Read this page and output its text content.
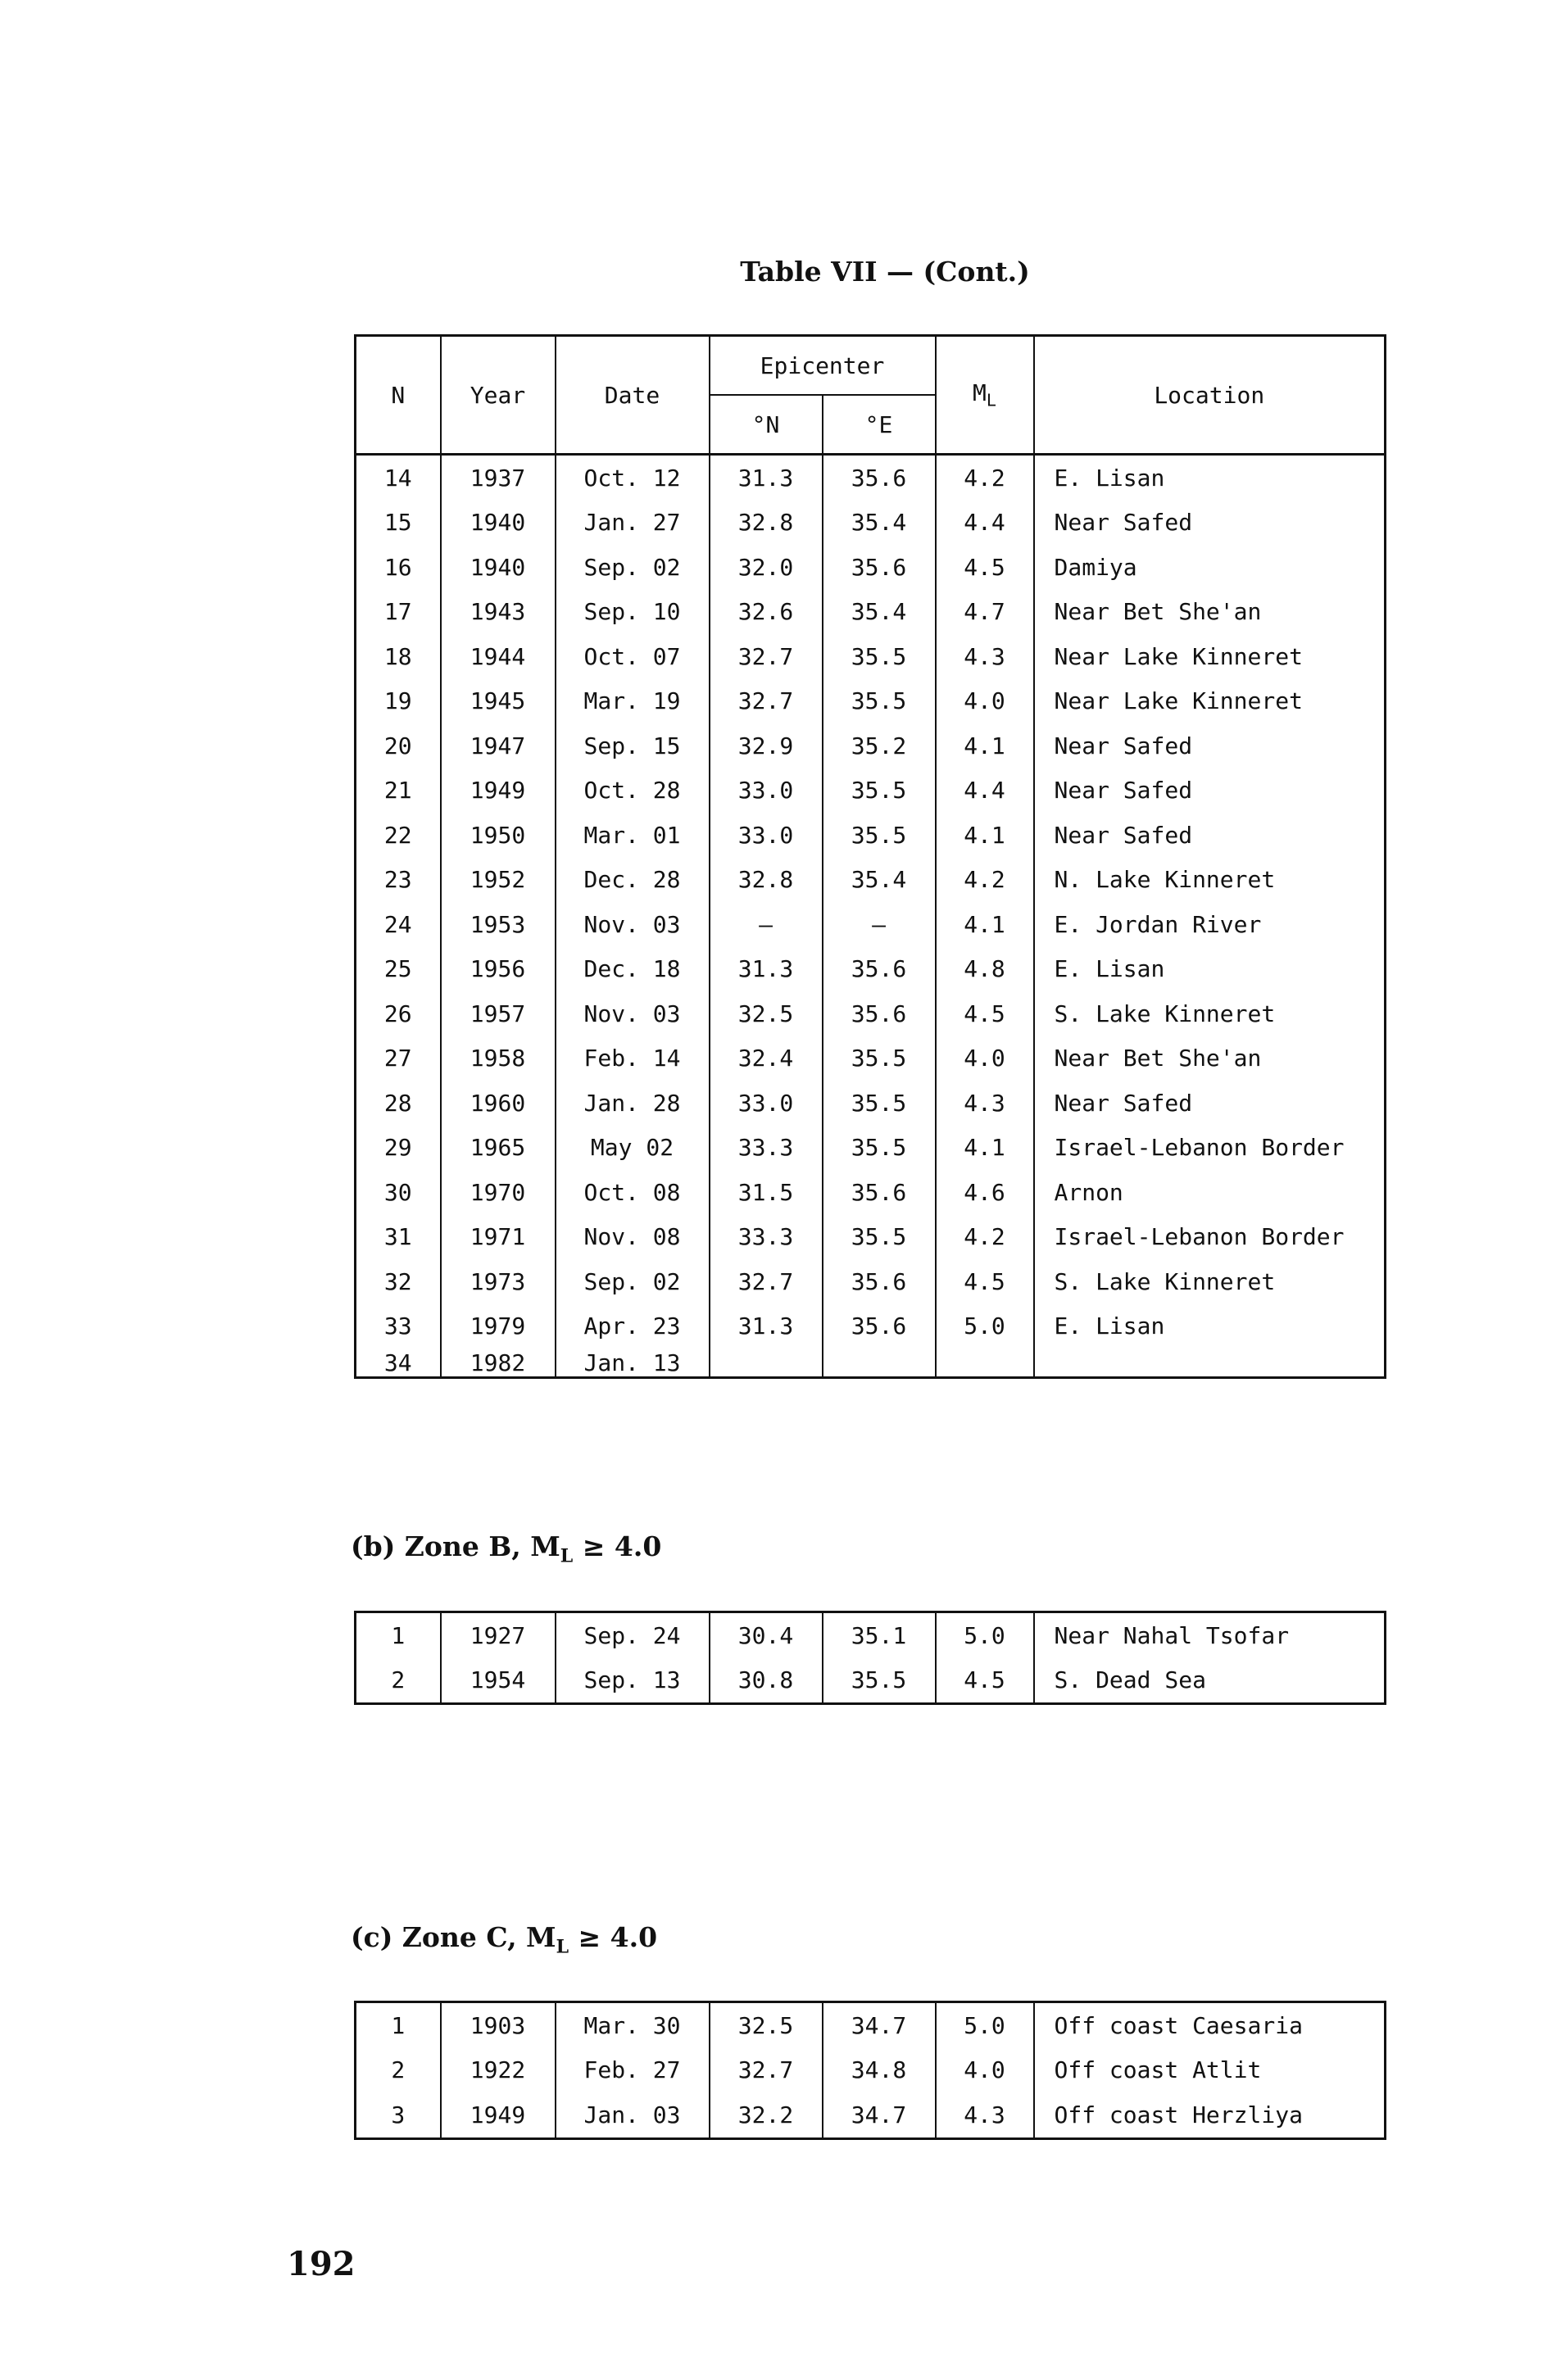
Table VII — (Cont.)
N	Year	Date	Epicenter		$M_L$	Location
			°N	°E		
14	1937	Oct. 12	31.3	35.6	4.2	E. Lisan
15	1940	Jan. 27	32.8	35.4	4.4	Near Safed
16	1940	Sep. 02	32.0	35.6	4.5	Damiya
17	1943	Sep. 10	32.6	35.4	4.7	Near Bet She'an
18	1944	Oct. 07	32.7	35.5	4.3	Near Lake Kinneret
19	1945	Mar. 19	32.7	35.5	4.0	Near Lake Kinneret
20	1947	Sep. 15	32.9	35.2	4.1	Near Safed
21	1949	Oct. 28	33.0	35.5	4.4	Near Safed
22	1950	Mar. 01	33.0	35.5	4.1	Near Safed
23	1952	Dec. 28	32.8	35.4	4.2	N. Lake Kinneret
24	1953	Nov. 03	—	—	4.1	E. Jordan River
25	1956	Dec. 18	31.3	35.6	4.8	E. Lisan
26	1957	Nov. 03	32.5	35.6	4.5	S. Lake Kinneret
27	1958	Feb. 14	32.4	35.5	4.0	Near Bet She'an
28	1960	Jan. 28	33.0	35.5	4.3	Near Safed
29	1965	May 02	33.3	35.5	4.1	Israel-Lebanon Border
30	1970	Oct. 08	31.5	35.6	4.6	Arnon
31	1971	Nov. 08	33.3	35.5	4.2	Israel-Lebanon Border
32	1973	Sep. 02	32.7	35.6	4.5	S. Lake Kinneret
33	1979	Apr. 23	31.3	35.6	5.0	E. Lisan
34	1982	Jan. 13				
(b) Zone B, $M_L \ge 4.0$
1	1927	Sep. 24	30.4	35.1	5.0	Near Nahal Tsofar
2	1954	Sep. 13	30.8	35.5	4.5	S. Dead Sea
(c) Zone C, $M_L \ge 4.0$
1	1903	Mar. 30	32.5	34.7	5.0	Off coast Caesaria
2	1922	Feb. 27	32.7	34.8	4.0	Off coast Atlit
3	1949	Jan. 03	32.2	34.7	4.3	Off coast Herzliya
192
